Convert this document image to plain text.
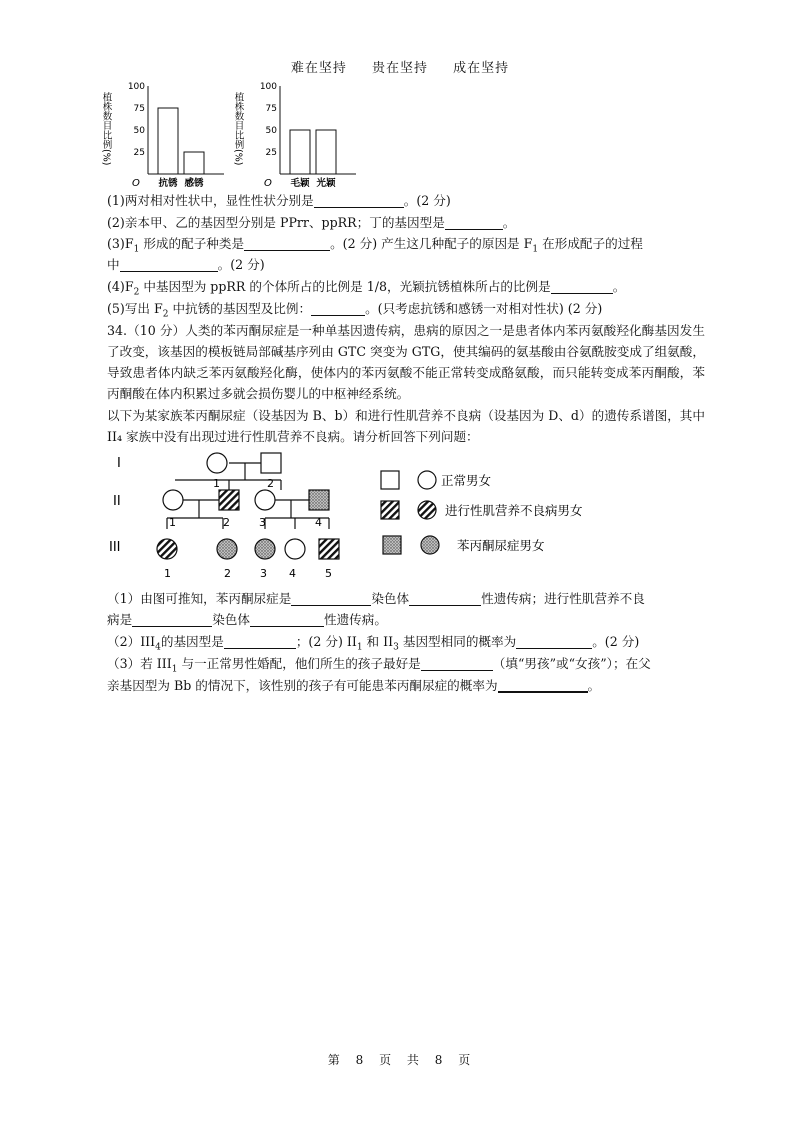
难在坚持 贵在坚持 成在坚持
植株数目比例(%)
100
75
50
25
O 抗锈 感锈
植株数目比例(%)
100
75
50
25
O 毛颖 光颖
(1)两对相对性状中，显性性状分别是	。(2 分)
(2)亲本甲、乙的基因型分别是 PPrr、ppRR；丁的基因型是	。
$(3)F_1$ 形成的配子种类是	。(2 分) 产生这几种配子的原因是 $F_1$ 在形成配子的过程
中	。(2 分)
$(4)F_2$ 中基因型为 ppRR 的个体所占的比例是 1/8，光颖抗锈植株所占的比例是	。
(5)写出 $F_2$ 中抗锈的基因型及比例：	。(只考虑抗锈和感锈一对相对性状) (2 分)
34.（10 分）人类的苯丙酮尿症是一种单基因遗传病，患病的原因之一是患者体内苯丙氨酸羟化酶基因发生了改变，该基因的模板链局部碱基序列由 GTC 突变为 GTG，使其编码的氨基酸由谷氨酰胺变成了组氨酸，导致患者体内缺乏苯丙氨酸羟化酶，使体内的苯丙氨酸不能正常转变成酪氨酸，而只能转变成苯丙酮酸，苯丙酮酸在体内积累过多就会损伤婴儿的中枢神经系统。
以下为某家族苯丙酮尿症（设基因为 B、b）和进行性肌营养不良病（设基因为 D、d）的遗传系谱图，其中 II₄ 家族中没有出现过进行性肌营养不良病。请分析回答下列问题：
I
II
III
1	2
1	2	3	4
1	2	3 4	5
正常男女
进行性肌营养不良病男女
苯丙酮尿症男女
（1）由图可推知，苯丙酮尿症是	染色体	性遗传病；进行性肌营养不良
病是	染色体	性遗传病。
$(2)III_4$的基因型是	；(2 分) $II_1$ 和 $II_3$ 基因型相同的概率为	。(2 分)
（3）若 $III_1$ 与一正常男性婚配，他们所生的孩子最好是	（填“男孩”或“女孩”）；在父
亲基因型为 Bb 的情况下，该性别的孩子有可能患苯丙酮尿症的概率为	。
第 8 页 共 8 页
